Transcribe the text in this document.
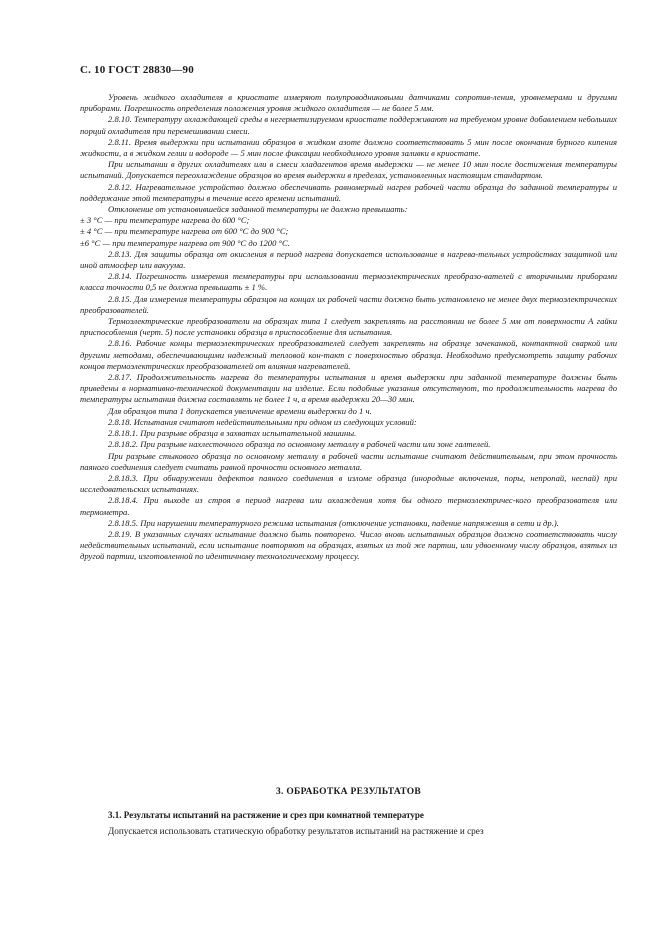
С. 10 ГОСТ 28830—90

Уровень жидкого охладителя в криостате измеряют полупроводниковыми датчиками сопротив-ления, уровнемерами и другими приборами. Погрешность определения положения уровня жидкого охладителя — не более 5 мм.

2.8.10. Температуру охлаждающей среды в негерметизируемом криостате поддерживают на требуемом уровне добавлением небольших порций охладителя при перемешивании смеси.

2.8.11. Время выдержки при испытании образцов в жидком азоте должно соответствовать 5 мин после окончания бурного кипения жидкости, а в жидком гелии и водороде — 5 мин после фиксации необходимого уровня заливки в криостате.

При испытании в других охладителях или в смеси хладагентов время выдержки — не менее 10 мин после достижения температуры испытаний. Допускается переохлаждение образцов во время выдержки в пределах, установленных настоящим стандартом.

2.8.12. Нагревательное устройство должно обеспечивать равномерный нагрев рабочей части образца до заданной температуры и поддержание этой температуры в течение всего времени испытаний.

Отклонение от установившейся заданной температуры не должно превышать:

± 3 °C — при температуре нагрева до 600 °C;

± 4 °C — при температуре нагрева от 600 °C до 900 °C;

±6 °C — при температуре нагрева от 900 °C до 1200 °C.

2.8.13. Для защиты образца от окисления в период нагрева допускается использование в нагрева-тельных устройствах защитной или иной атмосфер или вакуума.

2.8.14. Погрешность измерения температуры при использовании термоэлектрических преобразо-вателей с вторичными приборами класса точности 0,5 не должна превышать ± 1 %.

2.8.15. Для измерения температуры образцов на концах их рабочей части должно быть установлено не менее двух термоэлектрических преобразователей.

Термоэлектрические преобразователи на образцах типа 1 следует закреплять на расстоянии не более 5 мм от поверхности А гайки приспособления (черт. 5) после установки образца в приспособление для испытания.

2.8.16. Рабочие концы термоэлектрических преобразователей следует закреплять на образце зачеканкой, контактной сваркой или другими методами, обеспечивающими надежный тепловой кон-такт с поверхностью образца. Необходимо предусмотреть защиту рабочих концов термоэлектрических преобразователей от влияния нагревателей.

2.8.17. Продолжительность нагрева до температуры испытания и время выдержки при заданной температуре должны быть приведены в нормативно-технической документации на изделие. Если подобные указания отсутствуют, то продолжительность нагрева до температуры испытания должна составлять не более 1 ч, а время выдержки 20—30 мин.

Для образцов типа 1 допускается увеличение времени выдержки до 1 ч.

2.8.18. Испытания считают недействительными при одном из следующих условий:

2.8.18.1. При разрыве образца в захватах испытательной машины.

2.8.18.2. При разрыве нахлесточного образца по основному металлу в рабочей части или зоне галтелей.

При разрыве стыкового образца по основному металлу в рабочей части испытание считают действительным, при этом прочность паяного соединения следует считать равной прочности основного металла.

2.8.18.3. При обнаружении дефектов паяного соединения в изломе образца (инородные включения, поры, непропай, неспай) при исследовательских испытаниях.

2.8.18.4. При выходе из строя в период нагрева или охлаждения хотя бы одного термоэлектричес-кого преобразователя или термометра.

2.8.18.5. При нарушении температурного режима испытания (отключение установки, падение напряжения в сети и др.).

2.8.19. В указанных случаях испытание должно быть повторено. Число вновь испытанных образцов должно соответствовать числу недействительных испытаний, если испытание повторяют на образцах, взятых из той же партии, или удвоенному числу образцов, взятых из другой партии, изготовленной по идентичному технологическому процессу.

3. ОБРАБОТКА РЕЗУЛЬТАТОВ
3.1. Результаты испытаний на растяжение и срез при комнатной температуре
Допускается использовать статическую обработку результатов испытаний на растяжение и срез
